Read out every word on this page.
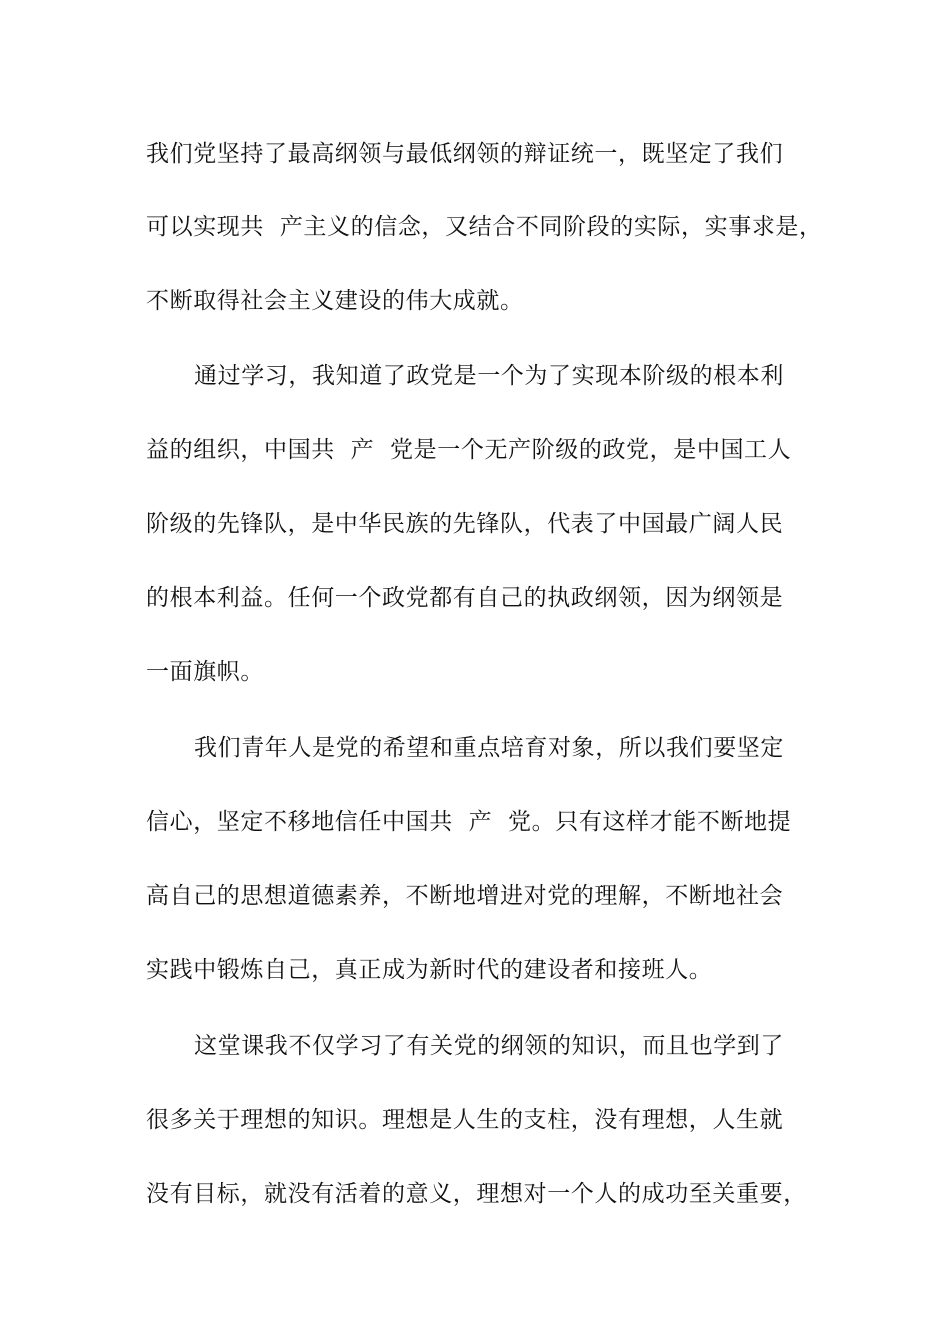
我们党坚持了最高纲领与最低纲领的辩证统一，既坚定了我们
可以实现共  产主义的信念，又结合不同阶段的实际，实事求是，
不断取得社会主义建设的伟大成就。
通过学习，我知道了政党是一个为了实现本阶级的根本利
益的组织，中国共  产  党是一个无产阶级的政党，是中国工人
阶级的先锋队，是中华民族的先锋队，代表了中国最广阔人民
的根本利益。任何一个政党都有自己的执政纲领，因为纲领是
一面旗帜。
我们青年人是党的希望和重点培育对象，所以我们要坚定
信心，坚定不移地信任中国共  产  党。只有这样才能不断地提
高自己的思想道德素养，不断地增进对党的理解，不断地社会
实践中锻炼自己，真正成为新时代的建设者和接班人。
这堂课我不仅学习了有关党的纲领的知识，而且也学到了
很多关于理想的知识。理想是人生的支柱，没有理想，人生就
没有目标，就没有活着的意义，理想对一个人的成功至关重要，
